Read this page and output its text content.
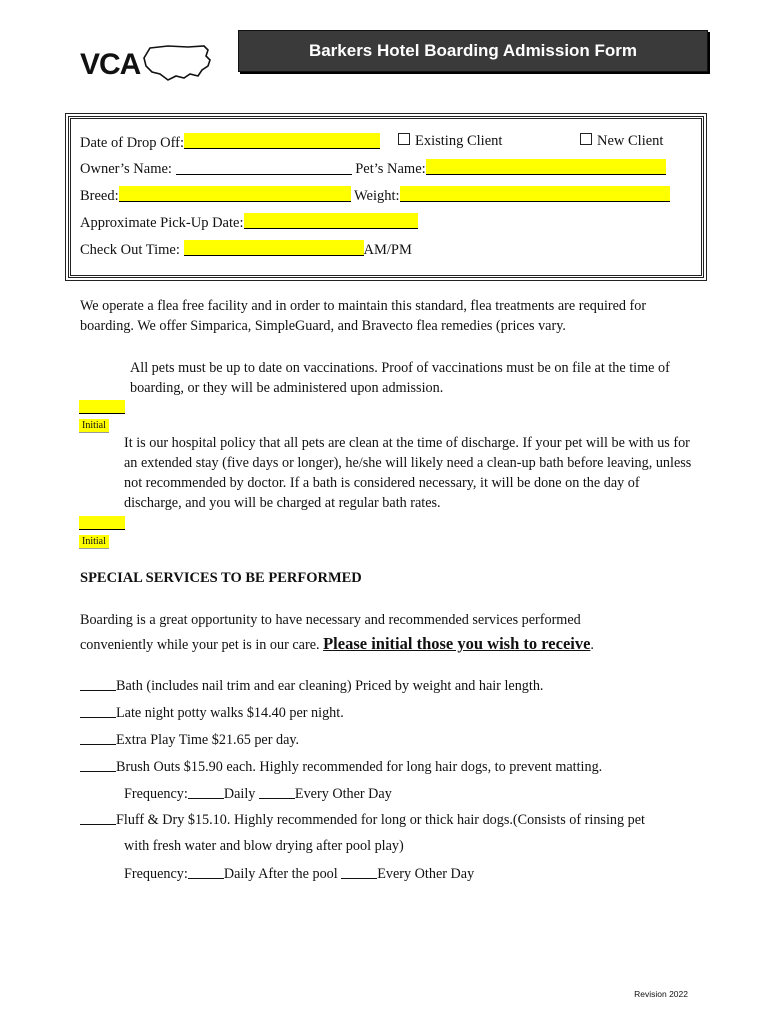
VCA	Barkers Hotel Boarding Admission Form
Date of Drop Off:	Existing Client	New Client
Owner’s Name:	Pet’s Name:
Breed:	Weight:
Approximate Pick-Up Date:
Check Out Time:	AM/PM
We operate a flea free facility and in order to maintain this standard, flea treatments are required for boarding. We offer Simparica, SimpleGuard, and Bravecto flea remedies (prices vary.
All pets must be up to date on vaccinations. Proof of vaccinations must be on file at the time of boarding, or they will be administered upon admission.
Initial
It is our hospital policy that all pets are clean at the time of discharge. If your pet will be with us for an extended stay (five days or longer), he/she will likely need a clean-up bath before leaving, unless not recommended by doctor. If a bath is considered necessary, it will be done on the day of discharge, and you will be charged at regular bath rates.
Initial
SPECIAL SERVICES TO BE PERFORMED
Boarding is a great opportunity to have necessary and recommended services performed
conveniently while your pet is in our care. Please initial those you wish to receive.
Bath (includes nail trim and ear cleaning) Priced by weight and hair length.
Late night potty walks $14.40 per night.
Extra Play Time $21.65 per day.
Brush Outs $15.90 each. Highly recommended for long hair dogs, to prevent matting.
Frequency:	Daily	Every Other Day
Fluff & Dry $15.10. Highly recommended for long or thick hair dogs.(Consists of rinsing pet
with fresh water and blow drying after pool play)
Frequency:	Daily After the pool	Every Other Day
Revision 2022
